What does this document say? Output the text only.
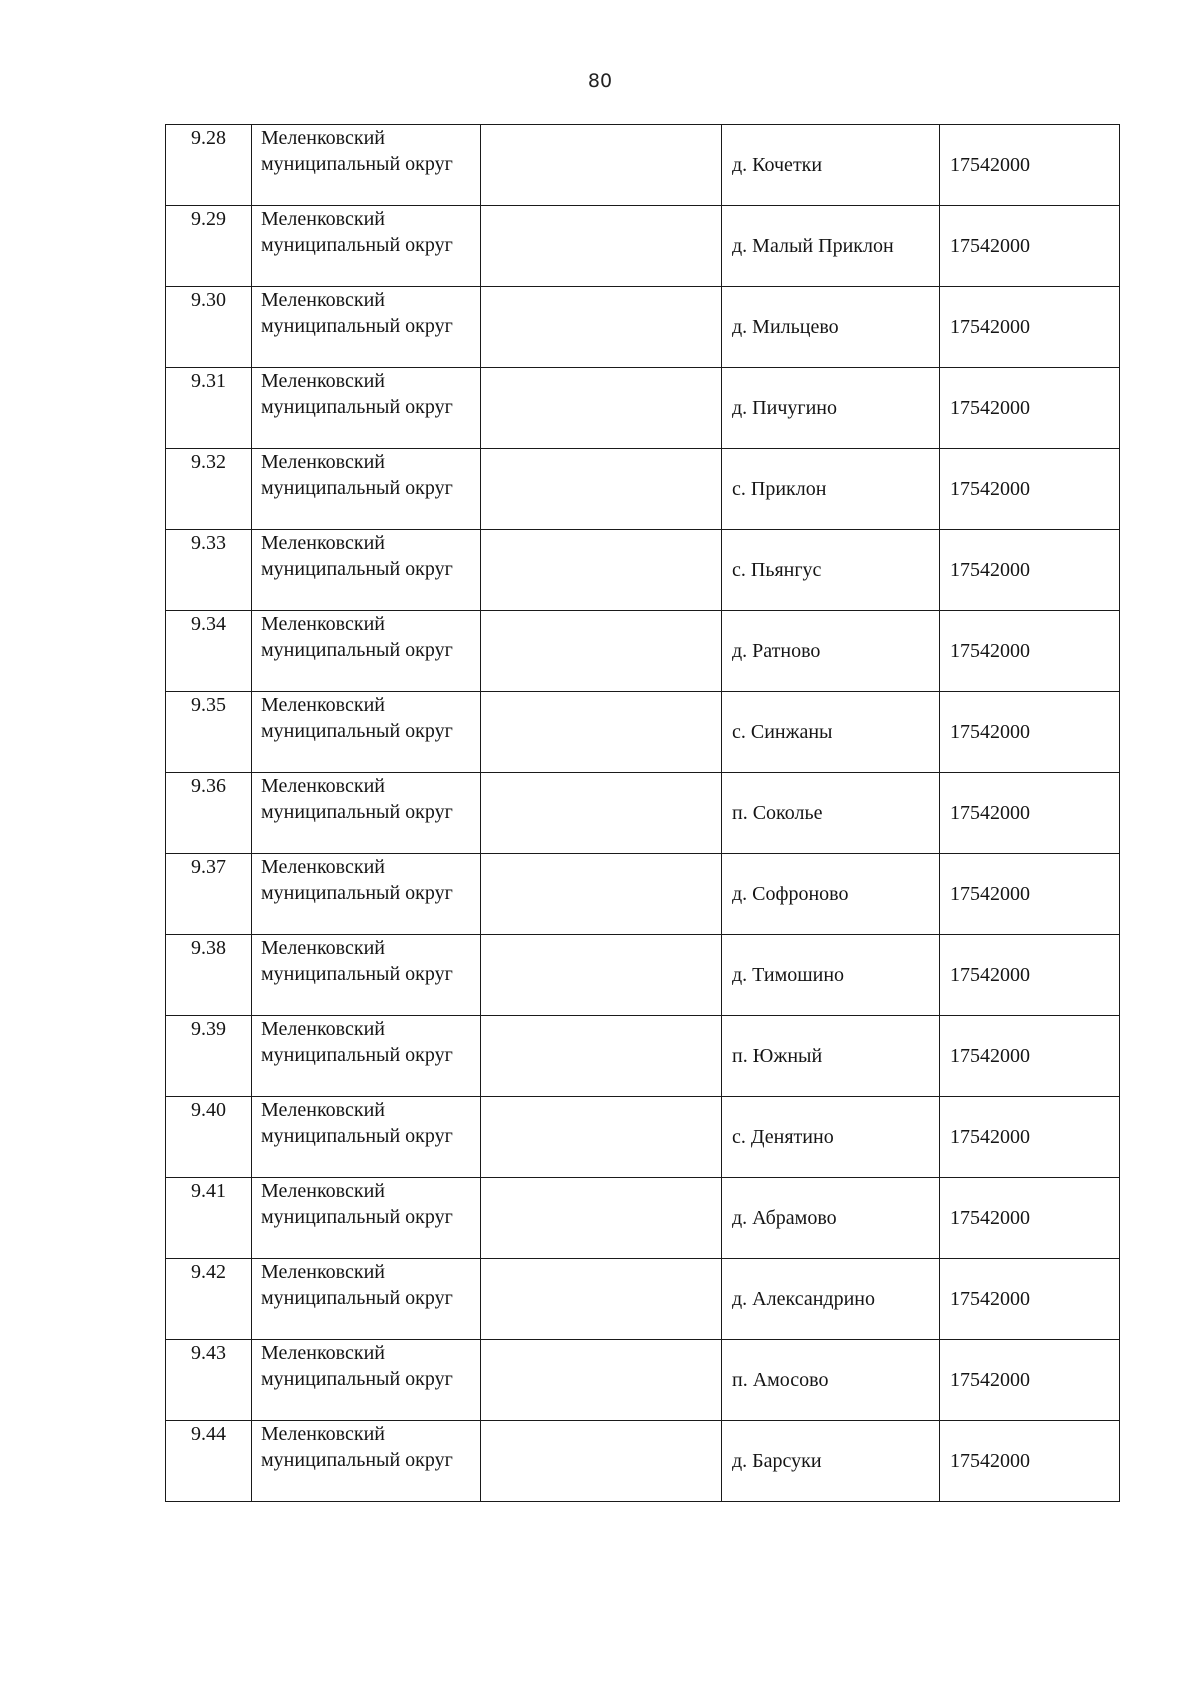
80
9.28	Меленковский муниципальный округ		д. Кочетки	17542000
9.29	Меленковский муниципальный округ		д. Малый Приклон	17542000
9.30	Меленковский муниципальный округ		д. Мильцево	17542000
9.31	Меленковский муниципальный округ		д. Пичугино	17542000
9.32	Меленковский муниципальный округ		с. Приклон	17542000
9.33	Меленковский муниципальный округ		с. Пьянгус	17542000
9.34	Меленковский муниципальный округ		д. Ратново	17542000
9.35	Меленковский муниципальный округ		с. Синжаны	17542000
9.36	Меленковский муниципальный округ		п. Сокольe	17542000
9.37	Меленковский муниципальный округ		д. Софроново	17542000
9.38	Меленковский муниципальный округ		д. Тимошино	17542000
9.39	Меленковский муниципальный округ		п. Южный	17542000
9.40	Меленковский муниципальный округ		с. Денятино	17542000
9.41	Меленковский муниципальный округ		д. Абрамово	17542000
9.42	Меленковский муниципальный округ		д. Александрино	17542000
9.43	Меленковский муниципальный округ		п. Амосово	17542000
9.44	Меленковский муниципальный округ		д. Барсуки	17542000
